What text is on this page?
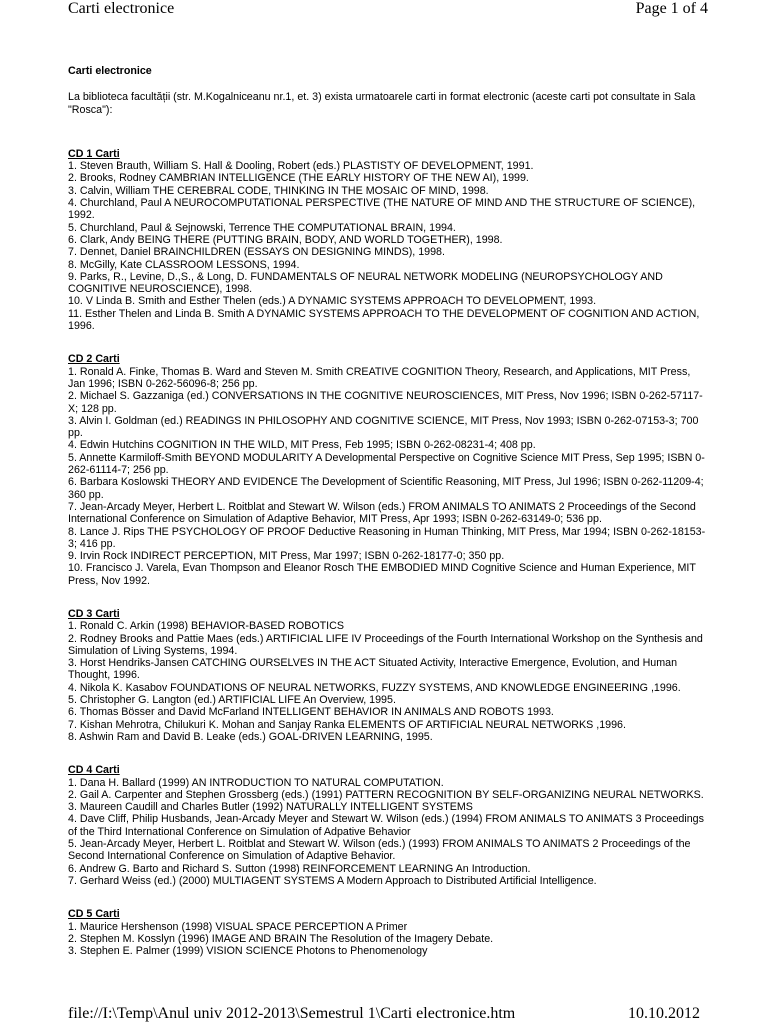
Carti electronice	Page 1 of 4

Carti electronice

La biblioteca facultății (str. M.Kogalniceanu nr.1, et. 3) exista urmatoarele carti in format electronic (aceste carti pot consultate in Sala "Rosca"):

CD 1 Carti

1. Steven Brauth, William S. Hall & Dooling, Robert (eds.) PLASTISTY OF DEVELOPMENT, 1991.
2. Brooks, Rodney CAMBRIAN INTELLIGENCE (THE EARLY HISTORY OF THE NEW AI), 1999.
3. Calvin, William THE CEREBRAL CODE, THINKING IN THE MOSAIC OF MIND, 1998.
4. Churchland, Paul A NEUROCOMPUTATIONAL PERSPECTIVE (THE NATURE OF MIND AND THE STRUCTURE OF SCIENCE), 1992.
5. Churchland, Paul & Sejnowski, Terrence THE COMPUTATIONAL BRAIN, 1994.
6. Clark, Andy BEING THERE (PUTTING BRAIN, BODY, AND WORLD TOGETHER), 1998.
7. Dennet, Daniel BRAINCHILDREN (ESSAYS ON DESIGNING MINDS), 1998.
8. McGilly, Kate CLASSROOM LESSONS, 1994.
9. Parks, R., Levine, D.,S., & Long, D. FUNDAMENTALS OF NEURAL NETWORK MODELING (NEUROPSYCHOLOGY AND COGNITIVE NEUROSCIENCE), 1998.
10. V Linda B. Smith and Esther Thelen (eds.) A DYNAMIC SYSTEMS APPROACH TO DEVELOPMENT, 1993.
11. Esther Thelen and Linda B. Smith A DYNAMIC SYSTEMS APPROACH TO THE DEVELOPMENT OF COGNITION AND ACTION, 1996.

CD 2 Carti

1. Ronald A. Finke, Thomas B. Ward and Steven M. Smith CREATIVE COGNITION Theory, Research, and Applications, MIT Press, Jan 1996; ISBN 0-262-56096-8; 256 pp.
2. Michael S. Gazzaniga (ed.) CONVERSATIONS IN THE COGNITIVE NEUROSCIENCES, MIT Press, Nov 1996; ISBN 0-262-57117-X; 128 pp.
3. Alvin I. Goldman (ed.) READINGS IN PHILOSOPHY AND COGNITIVE SCIENCE, MIT Press, Nov 1993; ISBN 0-262-07153-3; 700 pp.
4. Edwin Hutchins COGNITION IN THE WILD, MIT Press, Feb 1995; ISBN 0-262-08231-4; 408 pp.
5. Annette Karmiloff-Smith BEYOND MODULARITY A Developmental Perspective on Cognitive Science MIT Press, Sep 1995; ISBN 0-262-61114-7; 256 pp.
6. Barbara Koslowski THEORY AND EVIDENCE The Development of Scientific Reasoning, MIT Press, Jul 1996; ISBN 0-262-11209-4; 360 pp.
7. Jean-Arcady Meyer, Herbert L. Roitblat and Stewart W. Wilson (eds.) FROM ANIMALS TO ANIMATS 2 Proceedings of the Second International Conference on Simulation of Adaptive Behavior, MIT Press, Apr 1993; ISBN 0-262-63149-0; 536 pp.
8. Lance J. Rips THE PSYCHOLOGY OF PROOF Deductive Reasoning in Human Thinking, MIT Press, Mar 1994; ISBN 0-262-18153-3; 416 pp.
9. Irvin Rock INDIRECT PERCEPTION, MIT Press, Mar 1997; ISBN 0-262-18177-0; 350 pp.
10. Francisco J. Varela, Evan Thompson and Eleanor Rosch THE EMBODIED MIND Cognitive Science and Human Experience, MIT Press, Nov 1992.

CD 3 Carti

1. Ronald C. Arkin (1998) BEHAVIOR-BASED ROBOTICS
2. Rodney Brooks and Pattie Maes (eds.) ARTIFICIAL LIFE IV Proceedings of the Fourth International Workshop on the Synthesis and Simulation of Living Systems, 1994.
3. Horst Hendriks-Jansen CATCHING OURSELVES IN THE ACT Situated Activity, Interactive Emergence, Evolution, and Human Thought, 1996.
4. Nikola K. Kasabov FOUNDATIONS OF NEURAL NETWORKS, FUZZY SYSTEMS, AND KNOWLEDGE ENGINEERING ,1996.
5. Christopher G. Langton (ed.) ARTIFICIAL LIFE An Overview, 1995.
6. Thomas Bösser and David McFarland INTELLIGENT BEHAVIOR IN ANIMALS AND ROBOTS 1993.
7. Kishan Mehrotra, Chilukuri K. Mohan and Sanjay Ranka ELEMENTS OF ARTIFICIAL NEURAL NETWORKS ,1996.
8. Ashwin Ram and David B. Leake (eds.) GOAL-DRIVEN LEARNING, 1995.

CD 4 Carti

1. Dana H. Ballard (1999) AN INTRODUCTION TO NATURAL COMPUTATION.
2. Gail A. Carpenter and Stephen Grossberg (eds.) (1991) PATTERN RECOGNITION BY SELF-ORGANIZING NEURAL NETWORKS.
3. Maureen Caudill and Charles Butler (1992) NATURALLY INTELLIGENT SYSTEMS
4. Dave Cliff, Philip Husbands, Jean-Arcady Meyer and Stewart W. Wilson (eds.) (1994) FROM ANIMALS TO ANIMATS 3 Proceedings of the Third International Conference on Simulation of Adpative Behavior
5. Jean-Arcady Meyer, Herbert L. Roitblat and Stewart W. Wilson (eds.) (1993) FROM ANIMALS TO ANIMATS 2 Proceedings of the Second International Conference on Simulation of Adaptive Behavior.
6. Andrew G. Barto and Richard S. Sutton (1998) REINFORCEMENT LEARNING An Introduction.
7. Gerhard Weiss (ed.) (2000) MULTIAGENT SYSTEMS A Modern Approach to Distributed Artificial Intelligence.

CD 5 Carti

1. Maurice Hershenson (1998) VISUAL SPACE PERCEPTION A Primer
2. Stephen M. Kosslyn (1996) IMAGE AND BRAIN The Resolution of the Imagery Debate.
3. Stephen E. Palmer (1999) VISION SCIENCE Photons to Phenomenology
file://I:\Temp\Anul univ 2012-2013\Semestrul 1\Carti electronice.htm	10.10.2012
